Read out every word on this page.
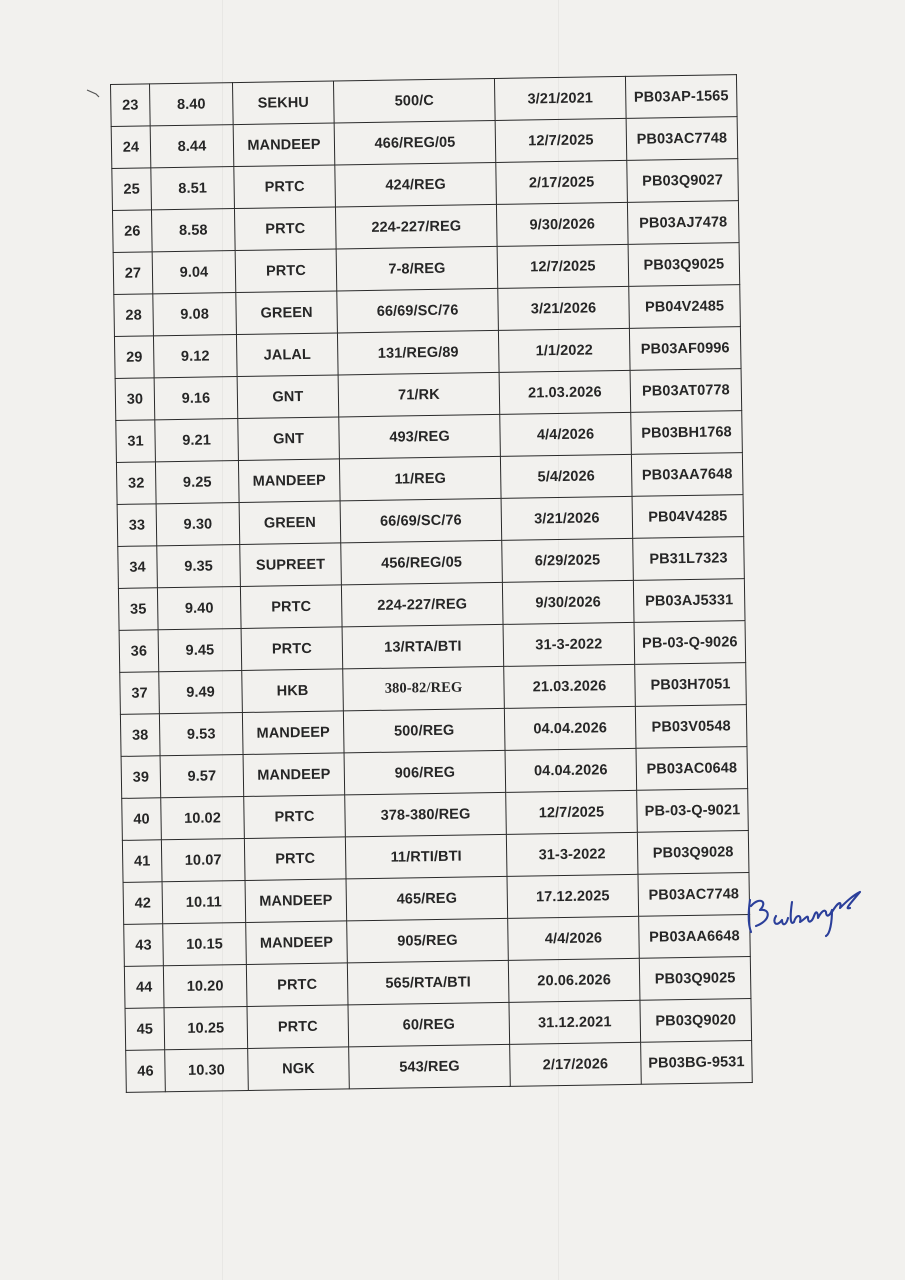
23	8.40	SEKHU	500/C	3/21/2021	PB03AP-1565
24	8.44	MANDEEP	466/REG/05	12/7/2025	PB03AC7748
25	8.51	PRTC	424/REG	2/17/2025	PB03Q9027
26	8.58	PRTC	224-227/REG	9/30/2026	PB03AJ7478
27	9.04	PRTC	7-8/REG	12/7/2025	PB03Q9025
28	9.08	GREEN	66/69/SC/76	3/21/2026	PB04V2485
29	9.12	JALAL	131/REG/89	1/1/2022	PB03AF0996
30	9.16	GNT	71/RK	21.03.2026	PB03AT0778
31	9.21	GNT	493/REG	4/4/2026	PB03BH1768
32	9.25	MANDEEP	11/REG	5/4/2026	PB03AA7648
33	9.30	GREEN	66/69/SC/76	3/21/2026	PB04V4285
34	9.35	SUPREET	456/REG/05	6/29/2025	PB31L7323
35	9.40	PRTC	224-227/REG	9/30/2026	PB03AJ5331
36	9.45	PRTC	13/RTA/BTI	31-3-2022	PB-03-Q-9026
37	9.49	HKB	380-82/REG	21.03.2026	PB03H7051
38	9.53	MANDEEP	500/REG	04.04.2026	PB03V0548
39	9.57	MANDEEP	906/REG	04.04.2026	PB03AC0648
40	10.02	PRTC	378-380/REG	12/7/2025	PB-03-Q-9021
41	10.07	PRTC	11/RTI/BTI	31-3-2022	PB03Q9028
42	10.11	MANDEEP	465/REG	17.12.2025	PB03AC7748
43	10.15	MANDEEP	905/REG	4/4/2026	PB03AA6648
44	10.20	PRTC	565/RTA/BTI	20.06.2026	PB03Q9025
45	10.25	PRTC	60/REG	31.12.2021	PB03Q9020
46	10.30	NGK	543/REG	2/17/2026	PB03BG-9531
